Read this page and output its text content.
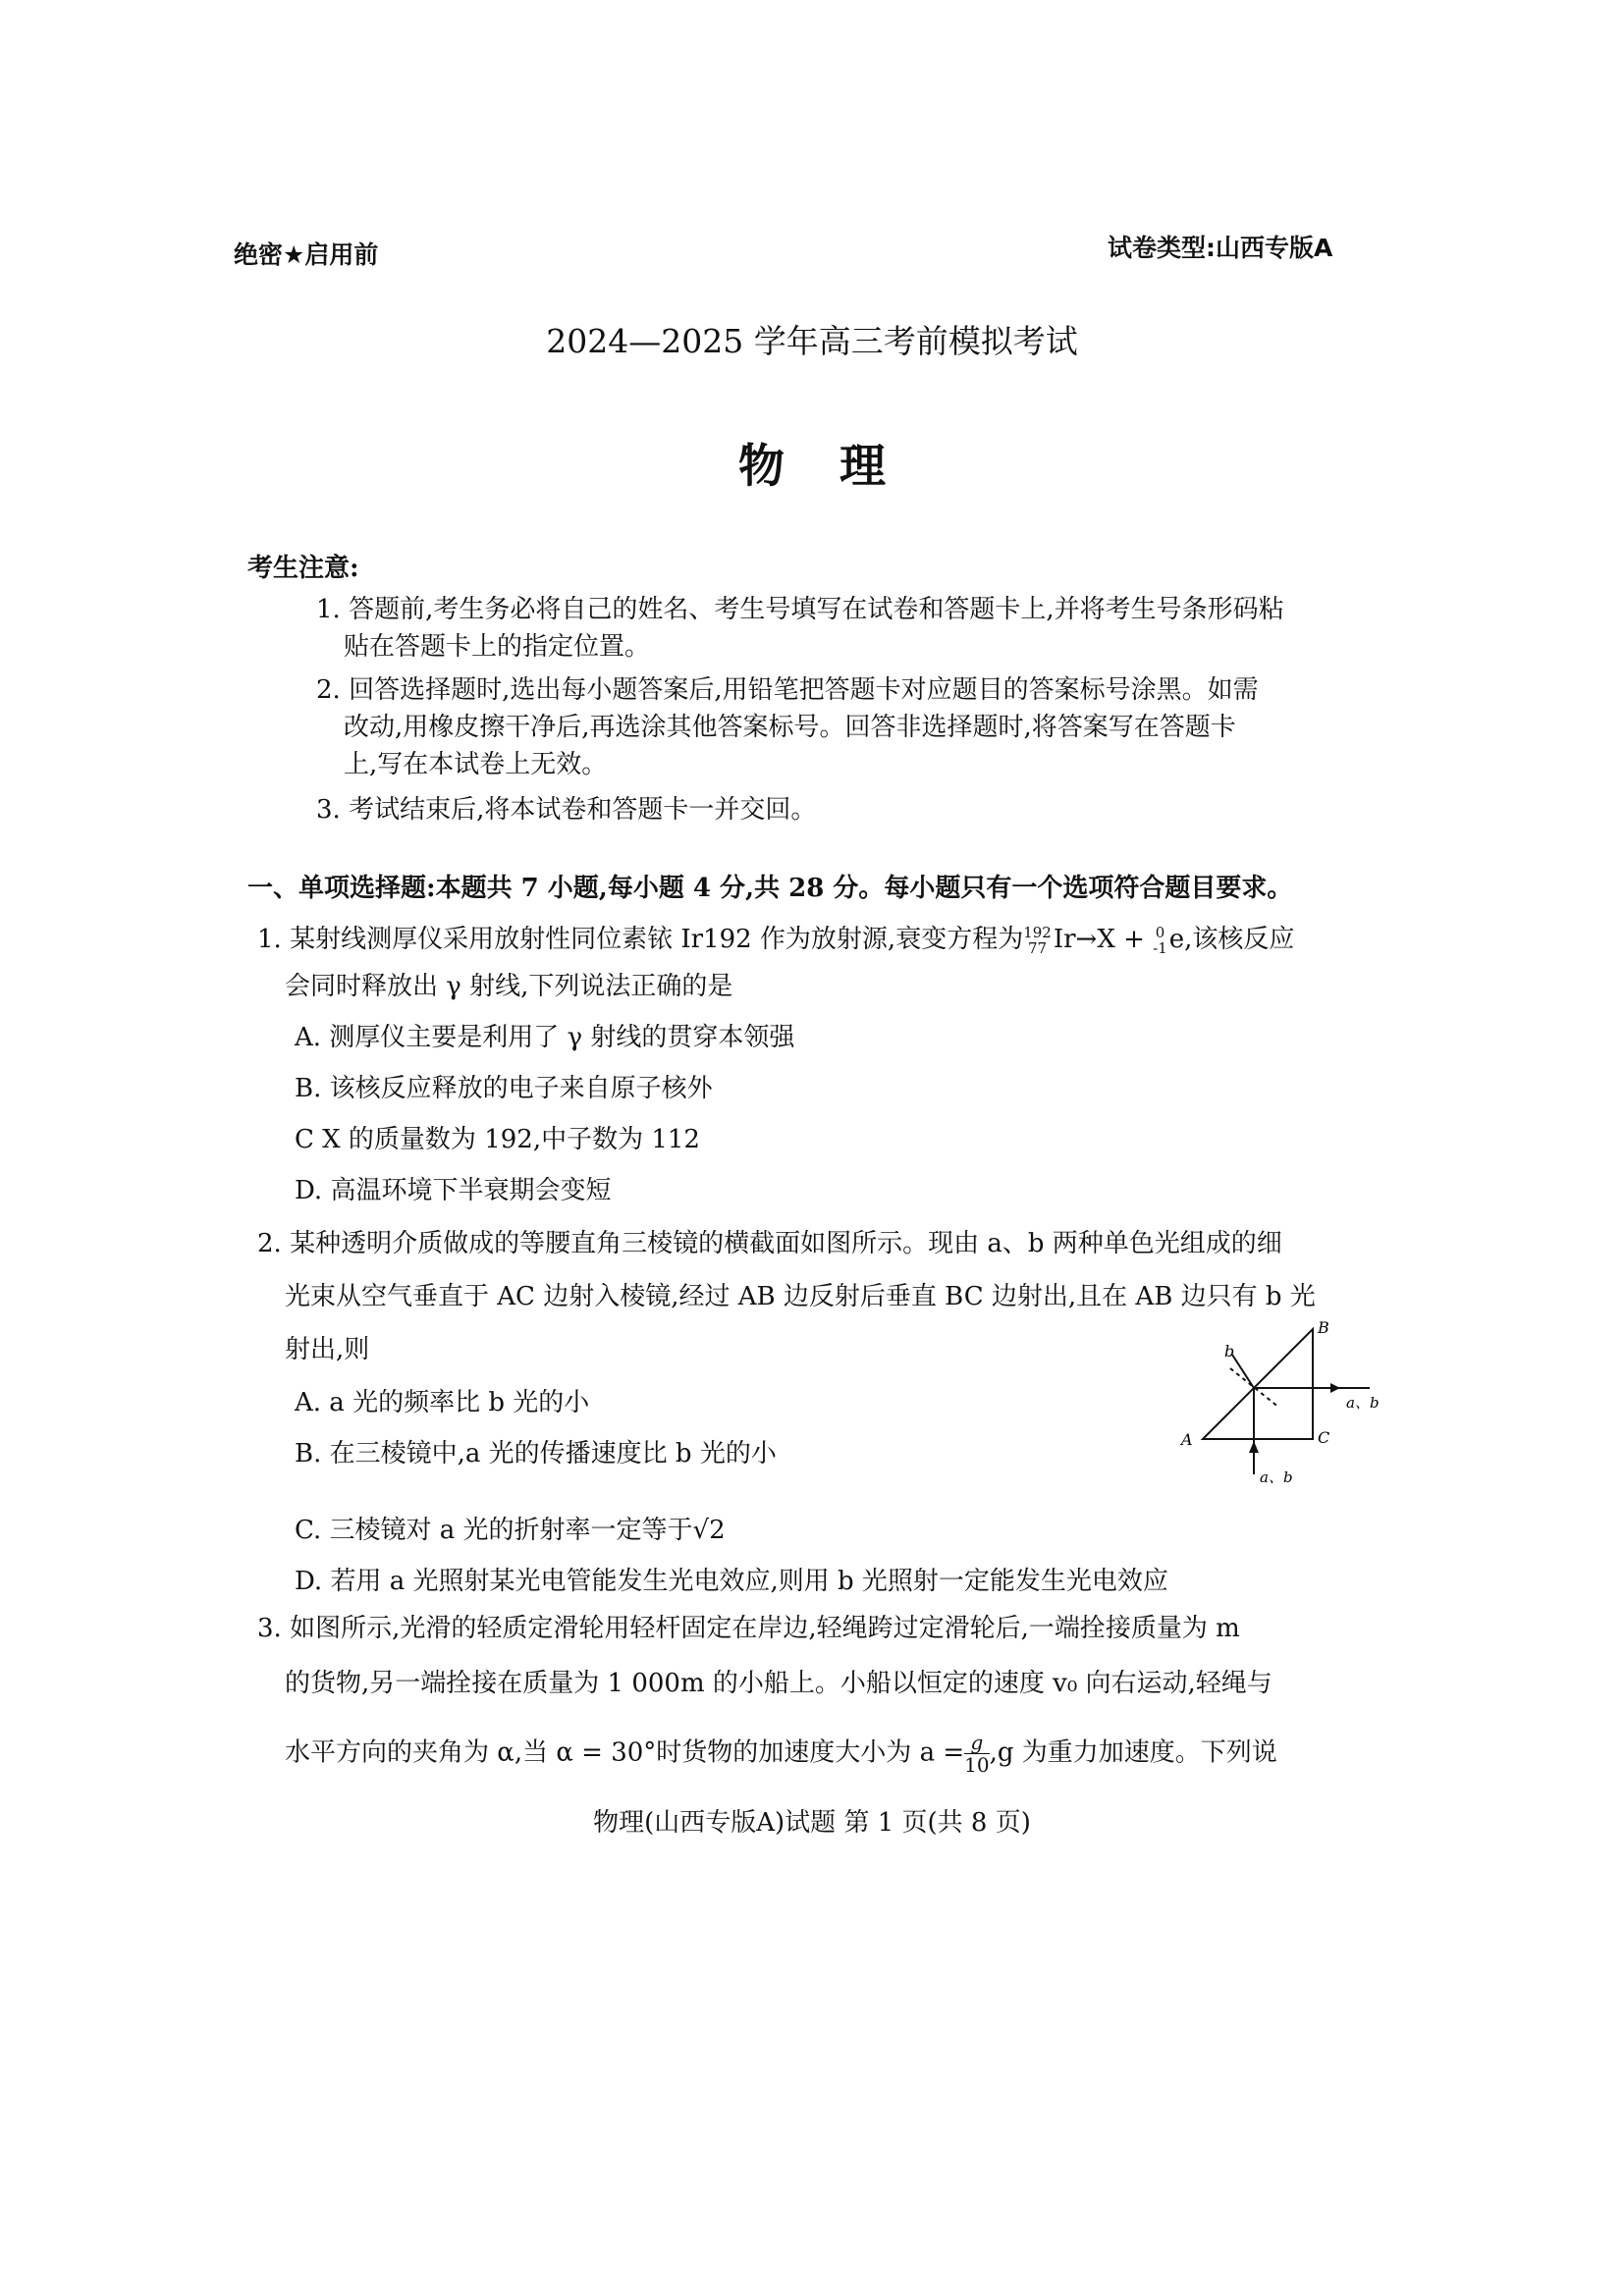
绝密★启用前	试卷类型:山西专版A
2024—2025 学年高三考前模拟考试
物理
考生注意:
1. 答题前,考生务必将自己的姓名、考生号填写在试卷和答题卡上,并将考生号条形码粘
贴在答题卡上的指定位置。
2. 回答选择题时,选出每小题答案后,用铅笔把答题卡对应题目的答案标号涂黑。如需
改动,用橡皮擦干净后,再选涂其他答案标号。回答非选择题时,将答案写在答题卡
上,写在本试卷上无效。
3. 考试结束后,将本试卷和答题卡一并交回。
一、单项选择题:本题共 7 小题,每小题 4 分,共 28 分。每小题只有一个选项符合题目要求。
1. 某射线测厚仪采用放射性同位素铱 Ir192 作为放射源,衰变方程为 192
77 Ir→X + 0
-1 e,该核反应
会同时释放出 γ 射线,下列说法正确的是
A. 测厚仪主要是利用了 γ 射线的贯穿本领强
B. 该核反应释放的电子来自原子核外
C X 的质量数为 192,中子数为 112
D. 高温环境下半衰期会变短
2. 某种透明介质做成的等腰直角三棱镜的横截面如图所示。现由 a、b 两种单色光组成的细
光束从空气垂直于 AC 边射入棱镜,经过 AB 边反射后垂直 BC 边射出,且在 AB 边只有 b 光
射出,则
A. a 光的频率比 b 光的小
B. 在三棱镜中,a 光的传播速度比 b 光的小
C. 三棱镜对 a 光的折射率一定等于√2
D. 若用 a 光照射某光电管能发生光电效应,则用 b 光照射一定能发生光电效应
A
B
C
b
a、b
a、b
3. 如图所示,光滑的轻质定滑轮用轻杆固定在岸边,轻绳跨过定滑轮后,一端拴接质量为 m
的货物,另一端拴接在质量为 1 000m 的小船上。小船以恒定的速度 v₀ 向右运动,轻绳与
水平方向的夹角为 α,当 α = 30°时货物的加速度大小为 $a = \frac{g}{10} ,g$ 为重力加速度。下列说
物理(山西专版A)试题 第 1 页(共 8 页)
